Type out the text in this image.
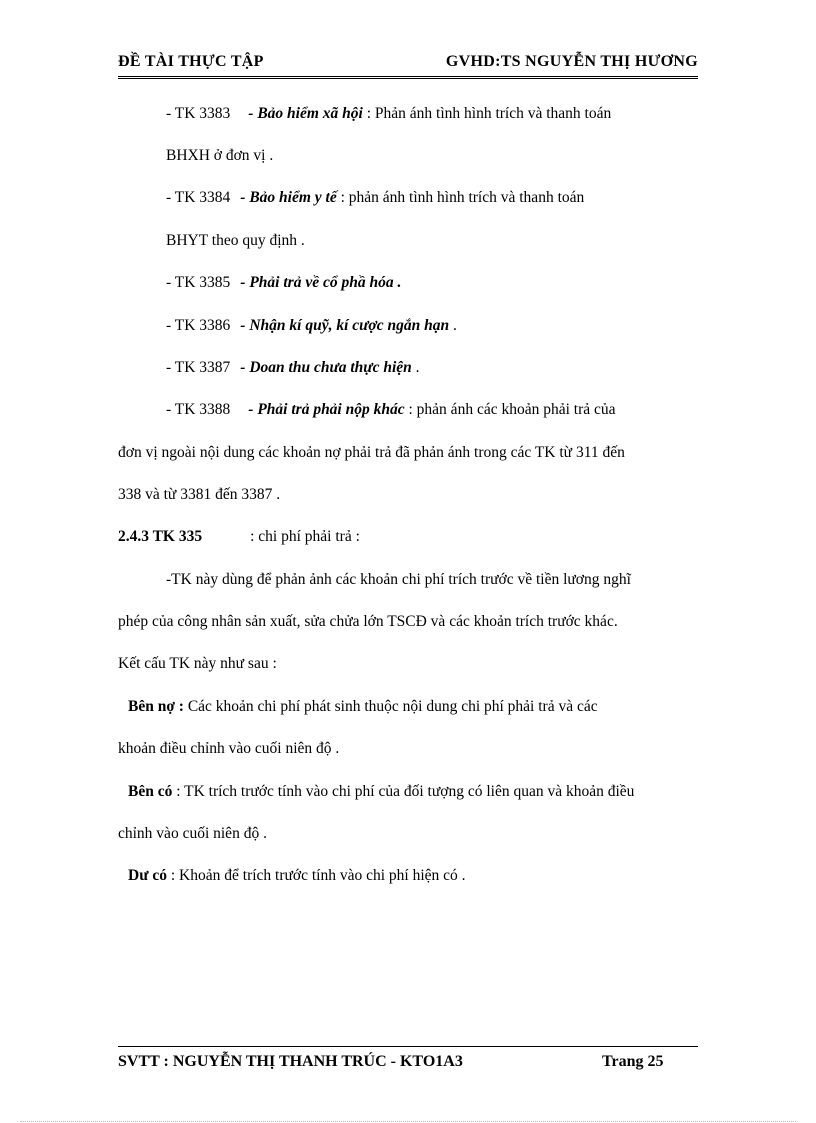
ĐỀ TÀI THỰC TẬP	GVHD:TS NGUYỄN THỊ HƯƠNG
- TK 3383 - Bảo hiểm xã hội : Phản ánh tình hình trích và thanh toán
BHXH ở đơn vị .
- TK 3384 - Bảo hiểm y tế : phản ánh tình hình trích và thanh toán
BHYT theo quy định .
- TK 3385 - Phải trả về cổ phầ hóa .
- TK 3386 - Nhận kí quỹ, kí cược ngắn hạn .
- TK 3387 - Doan thu chưa thực hiện .
- TK 3388 - Phải trả phải nộp khác : phản ánh các khoản phải trả của
đơn vị ngoài nội dung các khoản nợ phải trả đã phản ánh trong các TK từ 311 đến
338 và từ 3381 đến 3387 .
2.4.3 TK 335	: chi phí phải trả :
-TK này dùng để phản ảnh các khoản chi phí trích trước về tiền lương nghĩ
phép của công nhân sản xuất, sửa chửa lớn TSCĐ và các khoản trích trước khác.
Kết cấu TK này như sau :
Bên nợ : Các khoản chi phí phát sinh thuộc nội dung chi phí phải trả và các
khoản điều chỉnh vào cuối niên độ .
Bên có : TK trích trước tính vào chi phí của đối tượng có liên quan và khoản điều
chỉnh vào cuối niên độ .
Dư có : Khoản để trích trước tính vào chi phí hiện có .
SVTT : NGUYỄN THỊ THANH TRÚC - KTO1A3	Trang 25
